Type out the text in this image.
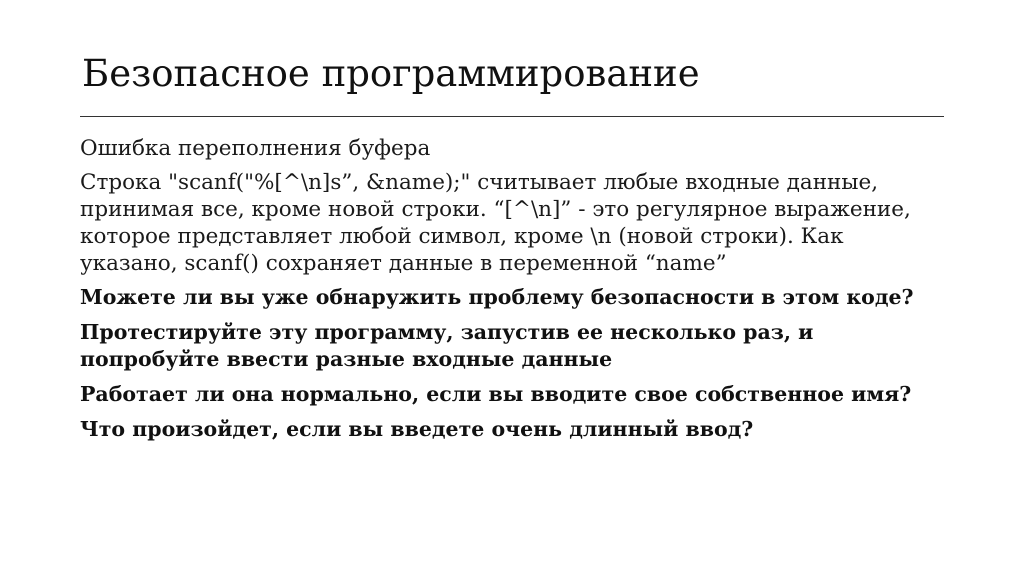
Безопасное программирование

Ошибка переполнения буфера

Строка "scanf("%[^\n]s”, &name);" считывает любые входные данные, принимая все, кроме новой строки. “[^\n]” - это регулярное выражение, которое представляет любой символ, кроме \n (новой строки). Как указано, scanf() сохраняет данные в переменной “name”

Можете ли вы уже обнаружить проблему безопасности в этом коде?

Протестируйте эту программу, запустив ее несколько раз, и попробуйте ввести разные входные данные

Работает ли она нормально, если вы вводите свое собственное имя?

Что произойдет, если вы введете очень длинный ввод?
